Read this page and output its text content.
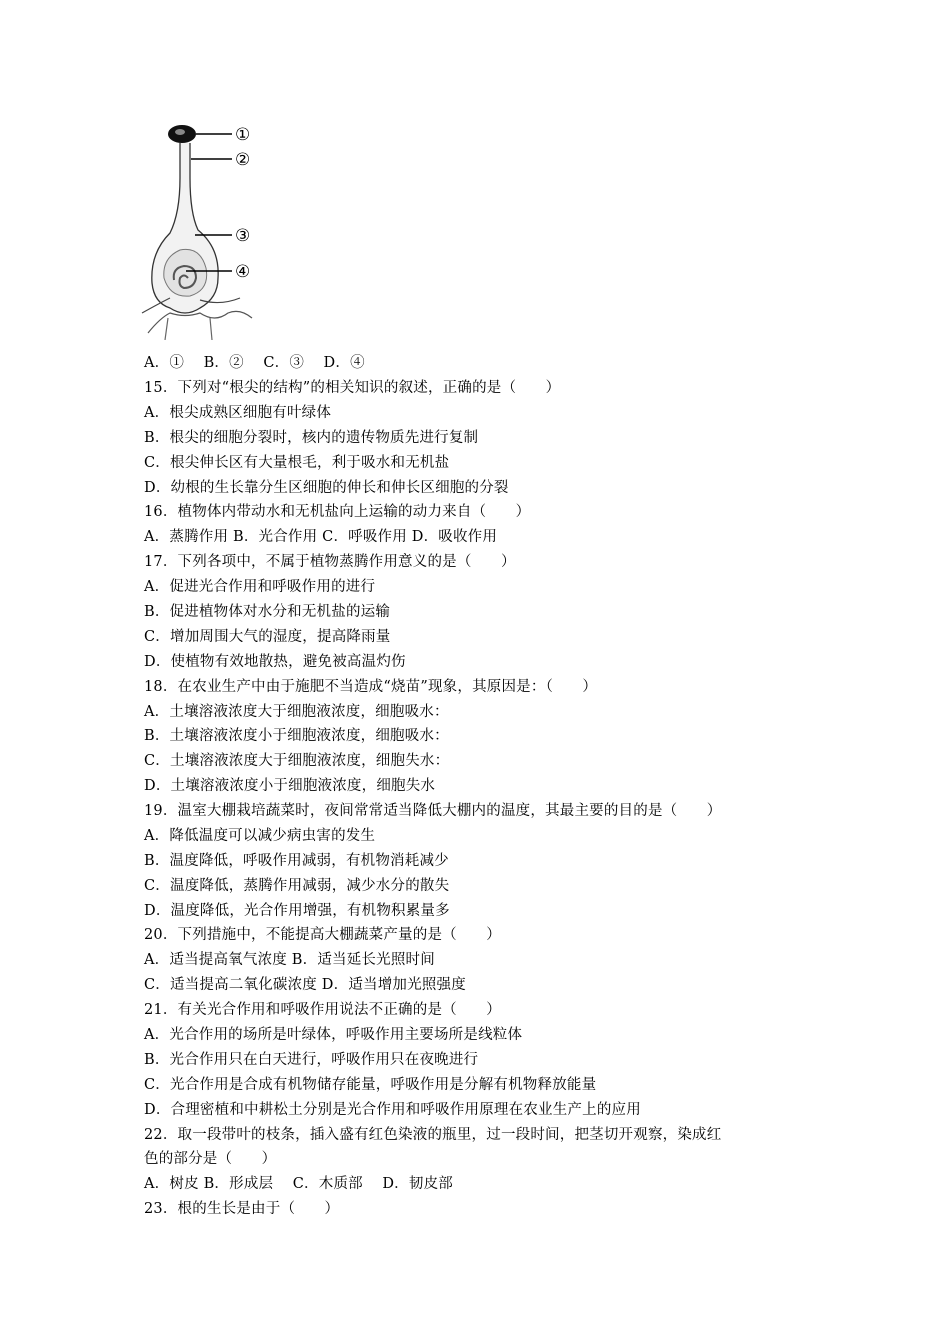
①
②
③
④
A．①　 B．②　 C．③　 D．④
15．下列对“根尖的结构”的相关知识的叙述，正确的是（　　）
A．根尖成熟区细胞有叶绿体
B．根尖的细胞分裂时，核内的遗传物质先进行复制
C．根尖伸长区有大量根毛，利于吸水和无机盐
D．幼根的生长靠分生区细胞的伸长和伸长区细胞的分裂
16．植物体内带动水和无机盐向上运输的动力来自（　　）
A．蒸腾作用 B．光合作用 C．呼吸作用 D．吸收作用
17．下列各项中，不属于植物蒸腾作用意义的是（　　）
A．促进光合作用和呼吸作用的进行
B．促进植物体对水分和无机盐的运输
C．增加周围大气的湿度，提高降雨量
D．使植物有效地散热，避免被高温灼伤
18．在农业生产中由于施肥不当造成“烧苗”现象，其原因是：（　　）
A．土壤溶液浓度大于细胞液浓度，细胞吸水：
B．土壤溶液浓度小于细胞液浓度，细胞吸水：
C．土壤溶液浓度大于细胞液浓度，细胞失水：
D．土壤溶液浓度小于细胞液浓度，细胞失水
19．温室大棚栽培蔬菜时，夜间常常适当降低大棚内的温度，其最主要的目的是（　　）
A．降低温度可以减少病虫害的发生
B．温度降低，呼吸作用减弱，有机物消耗减少
C．温度降低，蒸腾作用减弱，减少水分的散失
D．温度降低，光合作用增强，有机物积累量多
20．下列措施中，不能提高大棚蔬菜产量的是（　　）
A．适当提高氧气浓度 B．适当延长光照时间
C．适当提高二氧化碳浓度 D．适当增加光照强度
21．有关光合作用和呼吸作用说法不正确的是（　　）
A．光合作用的场所是叶绿体，呼吸作用主要场所是线粒体
B．光合作用只在白天进行，呼吸作用只在夜晚进行
C．光合作用是合成有机物储存能量，呼吸作用是分解有机物释放能量
D．合理密植和中耕松土分别是光合作用和呼吸作用原理在农业生产上的应用
22．取一段带叶的枝条，插入盛有红色染液的瓶里，过一段时间，把茎切开观察，染成红
色的部分是（　　）
A．树皮 B．形成层　 C．木质部　 D．韧皮部
23．根的生长是由于（　　）
